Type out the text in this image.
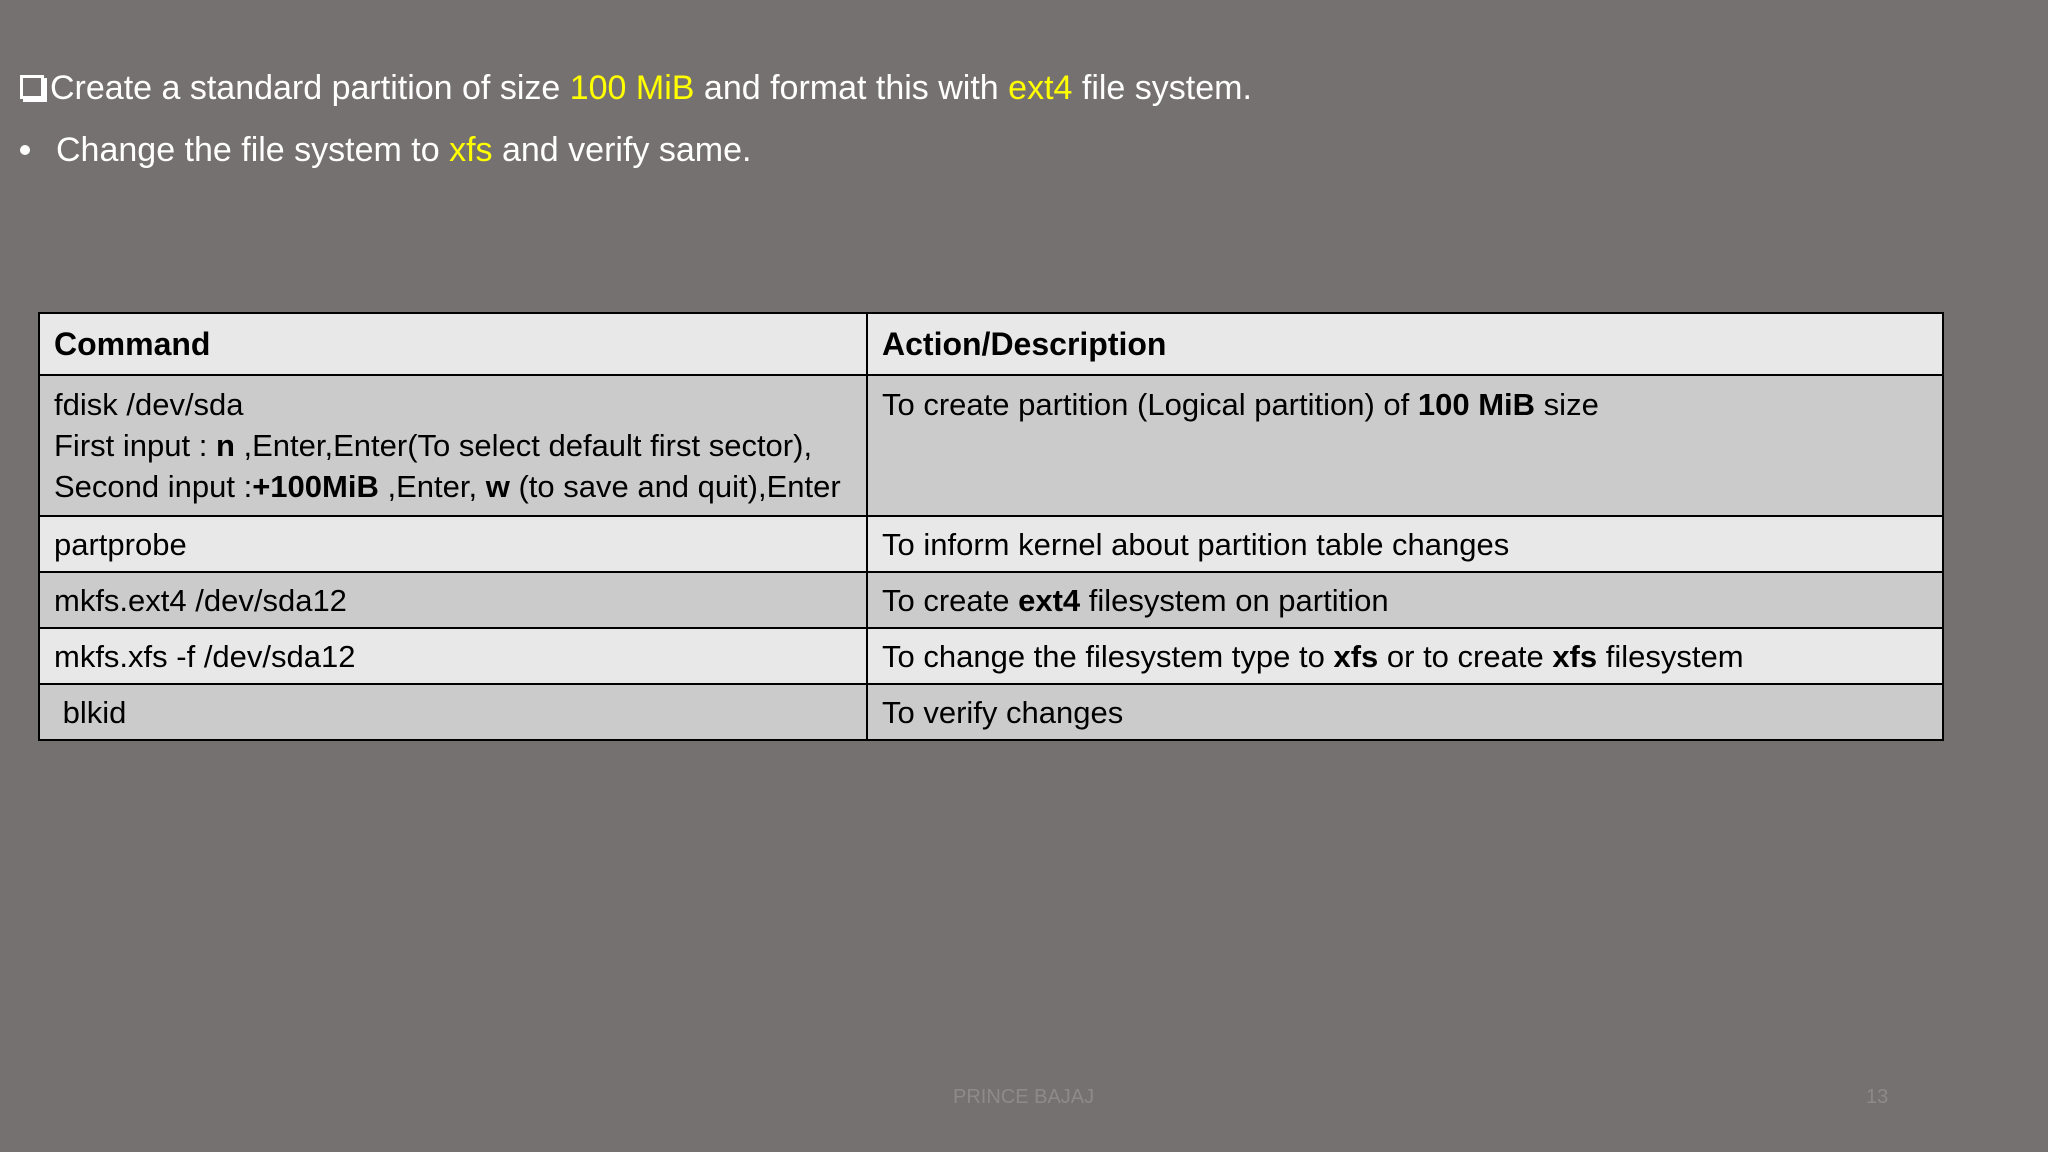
Create a standard partition of size 100 MiB and format this with ext4 file system.
Change the file system to xfs and verify same.
Command	Action/Description

fdisk /dev/sda
First input : n ,Enter,Enter(To select default first sector),
Second input :+100MiB ,Enter, w (to save and quit),Enter	To create partition (Logical partition) of 100 MiB size
partprobe	To inform kernel about partition table changes
mkfs.ext4 /dev/sda12	To create ext4 filesystem on partition
mkfs.xfs -f /dev/sda12	To change the filesystem type to xfs or to create xfs filesystem
blkid	To verify changes
PRINCE BAJAJ	13
